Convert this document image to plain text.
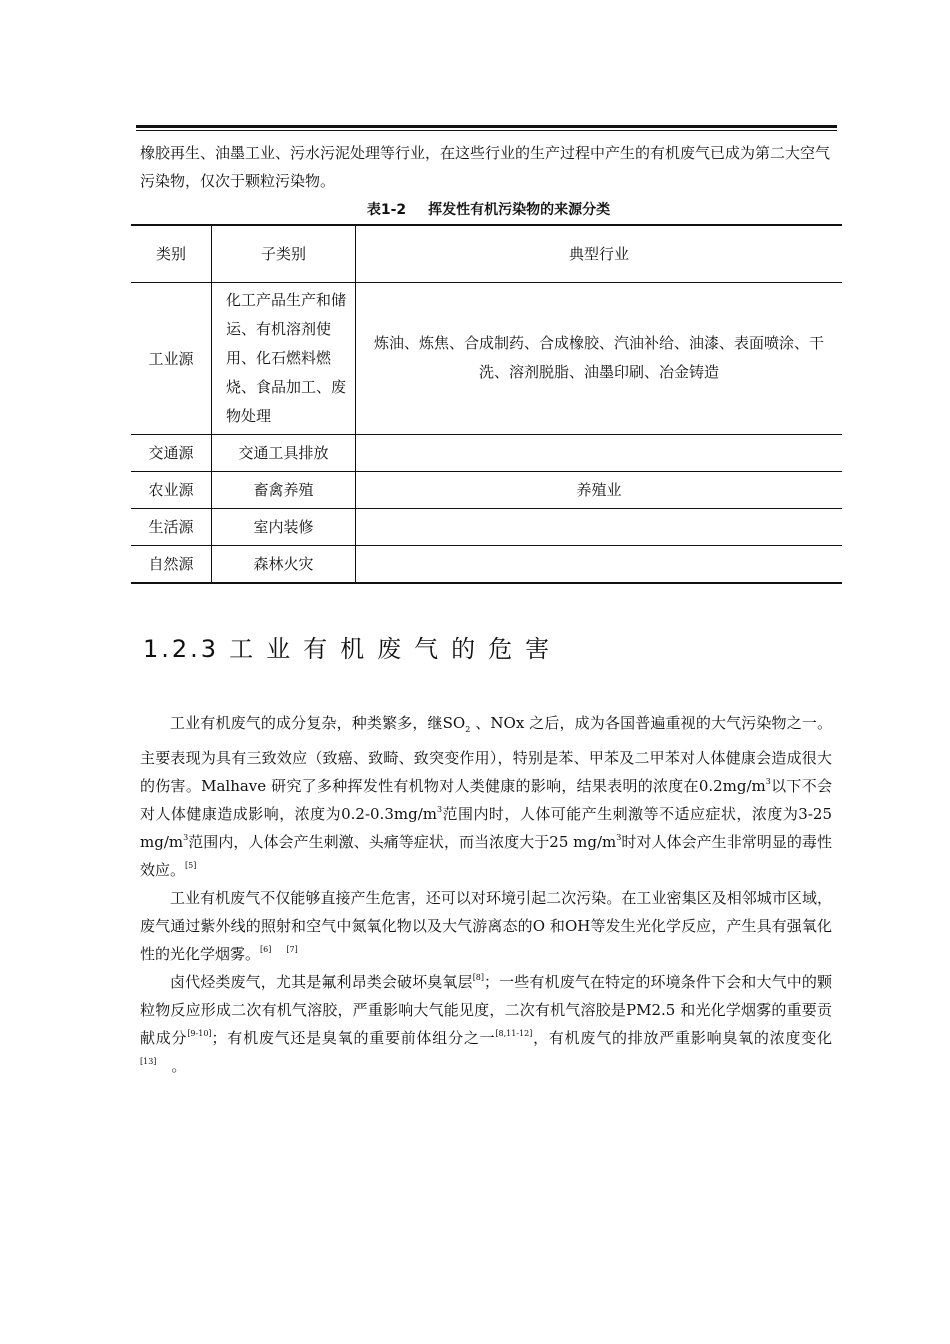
橡胶再生、油墨工业、污水污泥处理等行业，在这些行业的生产过程中产生的有机废气已成为第二大空气污染物，仅次于颗粒污染物。

表1-2 挥发性有机污染物的来源分类
类别	子类别	典型行业
工业源	化工产品生产和储运、有机溶剂使用、化石燃料燃烧、食品加工、废物处理	炼油、炼焦、合成制药、合成橡胶、汽油补给、油漆、表面喷涂、干洗、溶剂脱脂、油墨印刷、冶金铸造
交通源	交通工具排放	
农业源	畜禽养殖	养殖业
生活源	室内装修	
自然源	森林火灾	
1.2.3 工业有机废气的危害

工业有机废气的成分复杂，种类繁多，继$SO_2$ 、NOx 之后，成为各国普遍重视的大气污染物之一。主要表现为具有三致效应（致癌、致畸、致突变作用），特别是苯、甲苯及二甲苯对人体健康会造成很大的伤害。Malhave 研究了多种挥发性有机物对人类健康的影响，结果表明的浓度在$0.2mg/m^3$以下不会对人体健康造成影响，浓度为$0.2-0.3mg/m^3$范围内时，人体可能产生刺激等不适应症状，浓度为3-25 $mg/m^3$范围内，人体会产生刺激、头痛等症状，而当浓度大于25 $mg/m^3$时对人体会产生非常明显的毒性效应。[5]

工业有机废气不仅能够直接产生危害，还可以对环境引起二次污染。在工业密集区及相邻城市区域，废气通过紫外线的照射和空气中氮氧化物以及大气游离态的O 和OH等发生光化学反应，产生具有强氧化性的光化学烟雾。[6]　 [7]

卤代烃类废气，尤其是氟利昂类会破坏臭氧层[8]；一些有机废气在特定的环境条件下会和大气中的颗粒物反应形成二次有机气溶胶，严重影响大气能见度，二次有机气溶胶是PM2.5 和光化学烟雾的重要贡献成分[9-10]；有机废气还是臭氧的重要前体组分之一[8,11-12]，有机废气的排放严重影响臭氧的浓度变化[13]　。
